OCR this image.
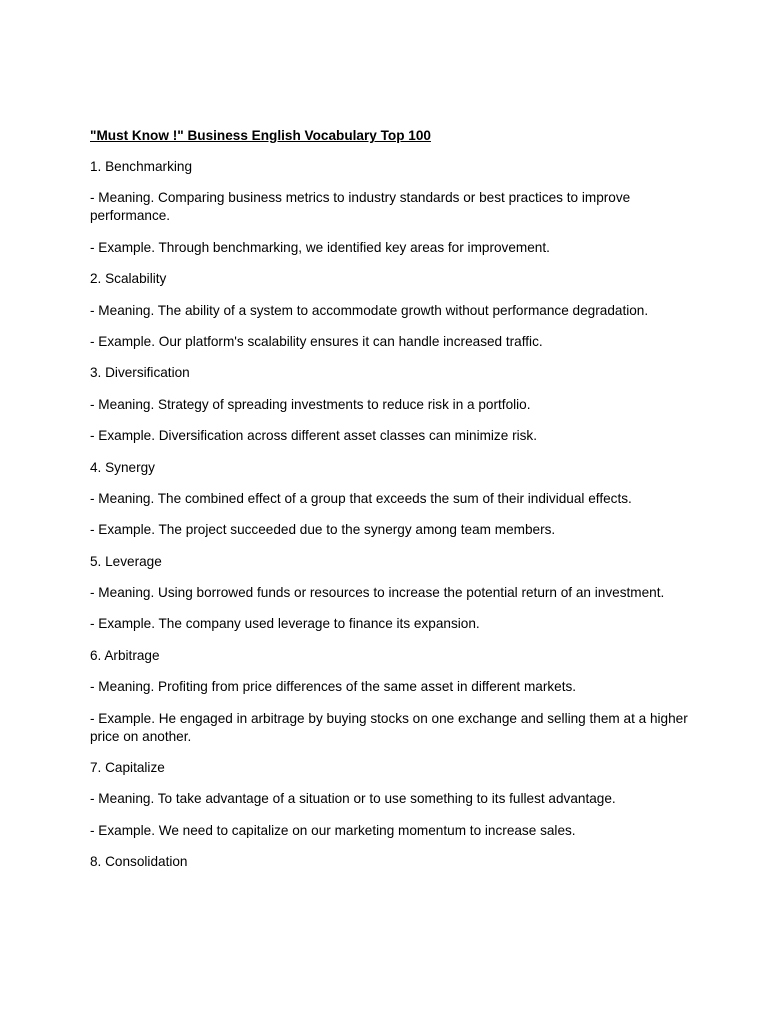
"Must Know !" Business English Vocabulary Top 100

1. Benchmarking

- Meaning. Comparing business metrics to industry standards or best practices to improve performance.

- Example. Through benchmarking, we identified key areas for improvement.

2. Scalability

- Meaning. The ability of a system to accommodate growth without performance degradation.

- Example. Our platform's scalability ensures it can handle increased traffic.

3. Diversification

- Meaning. Strategy of spreading investments to reduce risk in a portfolio.

- Example. Diversification across different asset classes can minimize risk.

4. Synergy

- Meaning. The combined effect of a group that exceeds the sum of their individual effects.

- Example. The project succeeded due to the synergy among team members.

5. Leverage

- Meaning. Using borrowed funds or resources to increase the potential return of an investment.

- Example. The company used leverage to finance its expansion.

6. Arbitrage

- Meaning. Profiting from price differences of the same asset in different markets.

- Example. He engaged in arbitrage by buying stocks on one exchange and selling them at a higher price on another.

7. Capitalize

- Meaning. To take advantage of a situation or to use something to its fullest advantage.

- Example. We need to capitalize on our marketing momentum to increase sales.

8. Consolidation
